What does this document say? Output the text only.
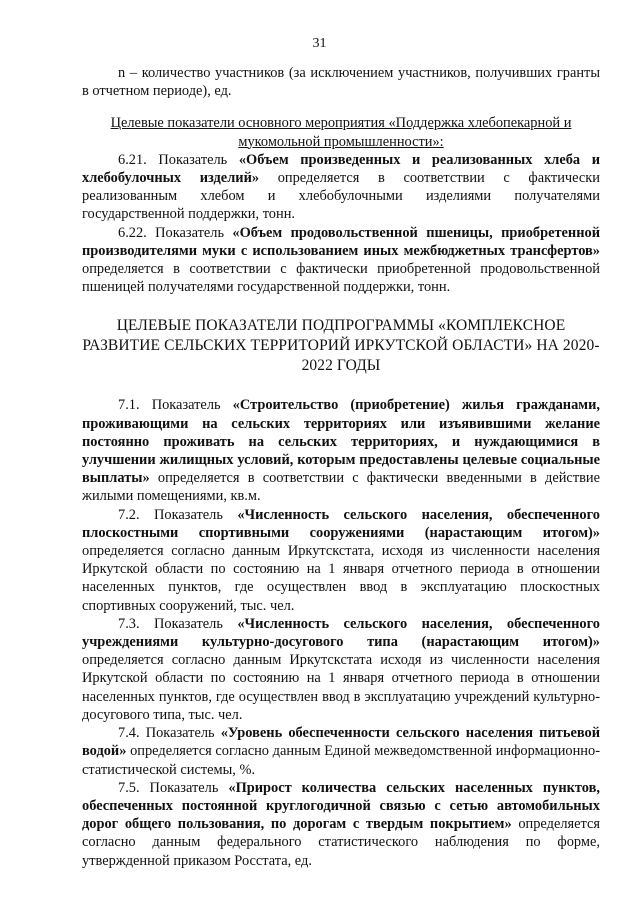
31

n – количество участников (за исключением участников, получивших гранты в отчетном периоде), ед.

Целевые показатели основного мероприятия «Поддержка хлебопекарной и мукомольной промышленности»:

6.21. Показатель «Объем произведенных и реализованных хлеба и хлебобулочных изделий» определяется в соответствии с фактически реализованным хлебом и хлебобулочными изделиями получателями государственной поддержки, тонн.

6.22. Показатель «Объем продовольственной пшеницы, приобретенной производителями муки с использованием иных межбюджетных трансфертов» определяется в соответствии с фактически приобретенной продовольственной пшеницей получателями государственной поддержки, тонн.

ЦЕЛЕВЫЕ ПОКАЗАТЕЛИ ПОДПРОГРАММЫ «КОМПЛЕКСНОЕ РАЗВИТИЕ СЕЛЬСКИХ ТЕРРИТОРИЙ ИРКУТСКОЙ ОБЛАСТИ» НА 2020-2022 ГОДЫ

7.1. Показатель «Строительство (приобретение) жилья гражданами, проживающими на сельских территориях или изъявившими желание постоянно проживать на сельских территориях, и нуждающимися в улучшении жилищных условий, которым предоставлены целевые социальные выплаты» определяется в соответствии с фактически введенными в действие жилыми помещениями, кв.м.

7.2. Показатель «Численность сельского населения, обеспеченного плоскостными спортивными сооружениями (нарастающим итогом)» определяется согласно данным Иркутскстата, исходя из численности населения Иркутской области по состоянию на 1 января отчетного периода в отношении населенных пунктов, где осуществлен ввод в эксплуатацию плоскостных спортивных сооружений, тыс. чел.

7.3. Показатель «Численность сельского населения, обеспеченного учреждениями культурно-досугового типа (нарастающим итогом)» определяется согласно данным Иркутскстата исходя из численности населения Иркутской области по состоянию на 1 января отчетного периода в отношении населенных пунктов, где осуществлен ввод в эксплуатацию учреждений культурно-досугового типа, тыс. чел.

7.4. Показатель «Уровень обеспеченности сельского населения питьевой водой» определяется согласно данным Единой межведомственной информационно-статистической системы, %.

7.5. Показатель «Прирост количества сельских населенных пунктов, обеспеченных постоянной круглогодичной связью с сетью автомобильных дорог общего пользования, по дорогам с твердым покрытием» определяется согласно данным федерального статистического наблюдения по форме, утвержденной приказом Росстата, ед.
